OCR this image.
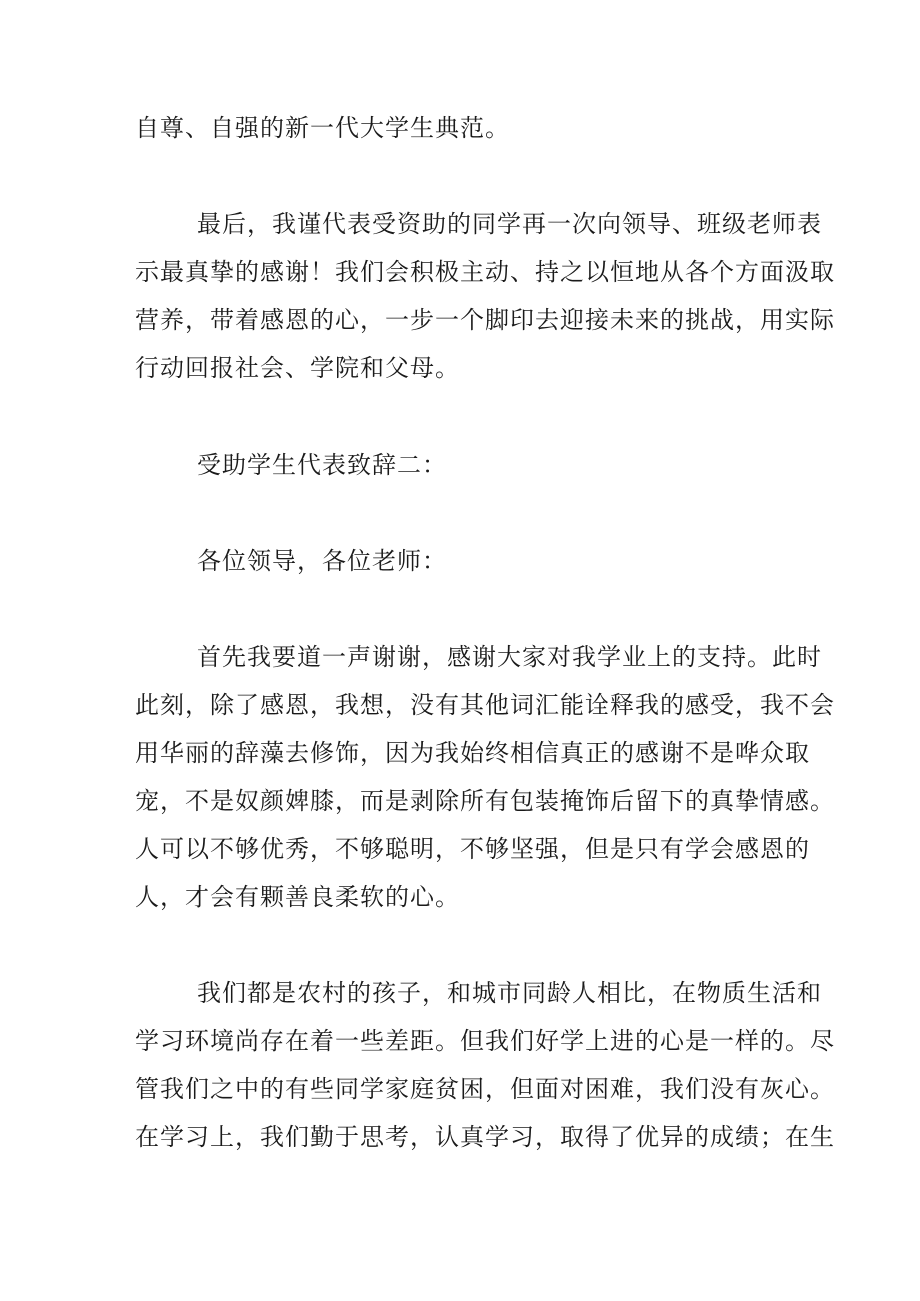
自尊、自强的新一代大学生典范。

最后，我谨代表受资助的同学再一次向领导、班级老师表
示最真挚的感谢！我们会积极主动、持之以恒地从各个方面汲取
营养，带着感恩的心，一步一个脚印去迎接未来的挑战，用实际
行动回报社会、学院和父母。

受助学生代表致辞二：

各位领导，各位老师：

首先我要道一声谢谢，感谢大家对我学业上的支持。此时
此刻，除了感恩，我想，没有其他词汇能诠释我的感受，我不会
用华丽的辞藻去修饰，因为我始终相信真正的感谢不是哗众取
宠，不是奴颜婢膝，而是剥除所有包装掩饰后留下的真挚情感。
人可以不够优秀，不够聪明，不够坚强，但是只有学会感恩的
人，才会有颗善良柔软的心。

我们都是农村的孩子，和城市同龄人相比，在物质生活和
学习环境尚存在着一些差距。但我们好学上进的心是一样的。尽
管我们之中的有些同学家庭贫困，但面对困难，我们没有灰心。
在学习上，我们勤于思考，认真学习，取得了优异的成绩；在生
